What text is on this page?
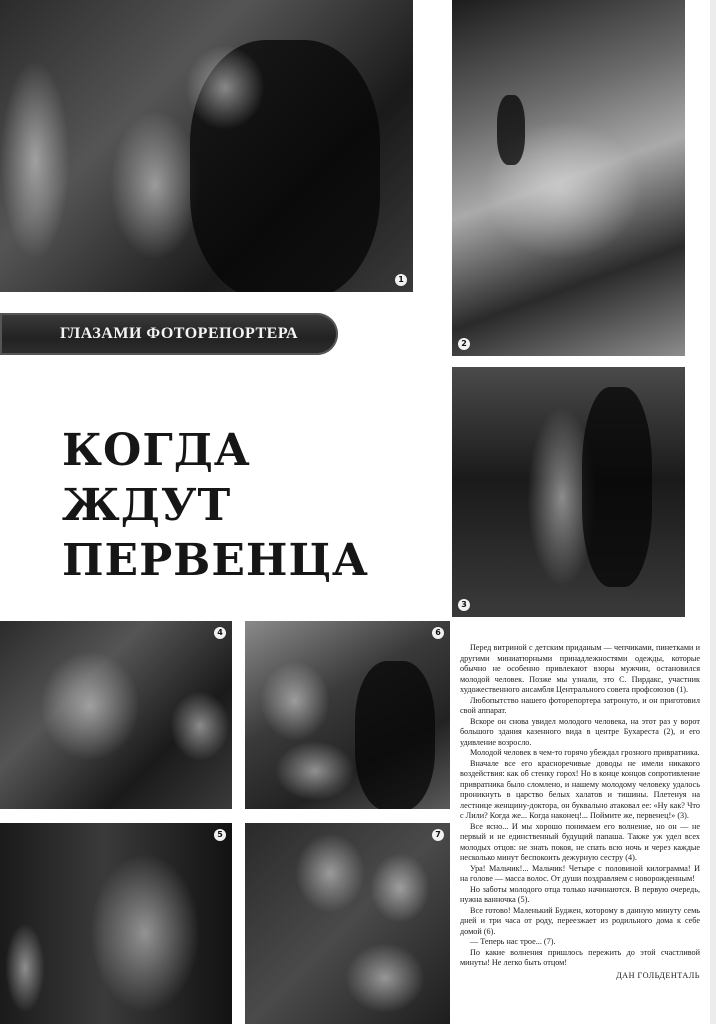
1
2
ГЛАЗАМИ ФОТОРЕПОРТЕРА
КОГДА
ЖДУТ
ПЕРВЕНЦА
3
4	6
5	7

Перед витриной с детским приданым — чепчиками, пинетками и другими миниатюрными принадлежностями одежды, которые обычно не особенно привлекают взоры мужчин, остановился молодой человек. Позже мы узнали, это С. Пирдакс, участник художественного ансамбля Центрального совета профсоюзов (1).

Любопытство нашего фоторепортера затронуто, и он приготовил свой аппарат.

Вскоре он снова увидел молодого человека, на этот раз у ворот большого здания казенного вида в центре Бухареста (2), и его удивление возросло.

Молодой человек в чем-то горячо убеждал грозного привратника.

Вначале все его красноречивые доводы не имели никакого воздействия: как об стенку горох! Но в конце концов сопротивление привратника было сломлено, и нашему молодому человеку удалось проникнуть в царство белых халатов и тишины. Плетенуя на лестнице женщину-доктора, он буквально атаковал ее: «Ну как? Что с Лили? Когда же... Когда наконец!... Поймите же, первенец!» (3).

Все ясно... И мы хорошо понимаем его волнение, но он — не первый и не единственный будущий папаша. Также уж удел всех молодых отцов: не знать покоя, не спать всю ночь и через каждые несколько минут беспокоить дежурную сестру (4).

Ура! Мальчик!... Мальчик! Четыре с половиной килограмма! И на голове — масса волос. От души поздравляем с новорожденным!

Но заботы молодого отца только начинаются. В первую очередь, нужна ванночка (5).

Все готово! Маленький Буджен, которому в данную минуту семь дней и три часа от роду, переезжает из родильного дома к себе домой (6).

— Теперь нас трое... (7).

По какие волнения пришлось пережить до этой счастливой минуты! Не легко быть отцом!

ДАН ГОЛЬДЕНТАЛЬ
